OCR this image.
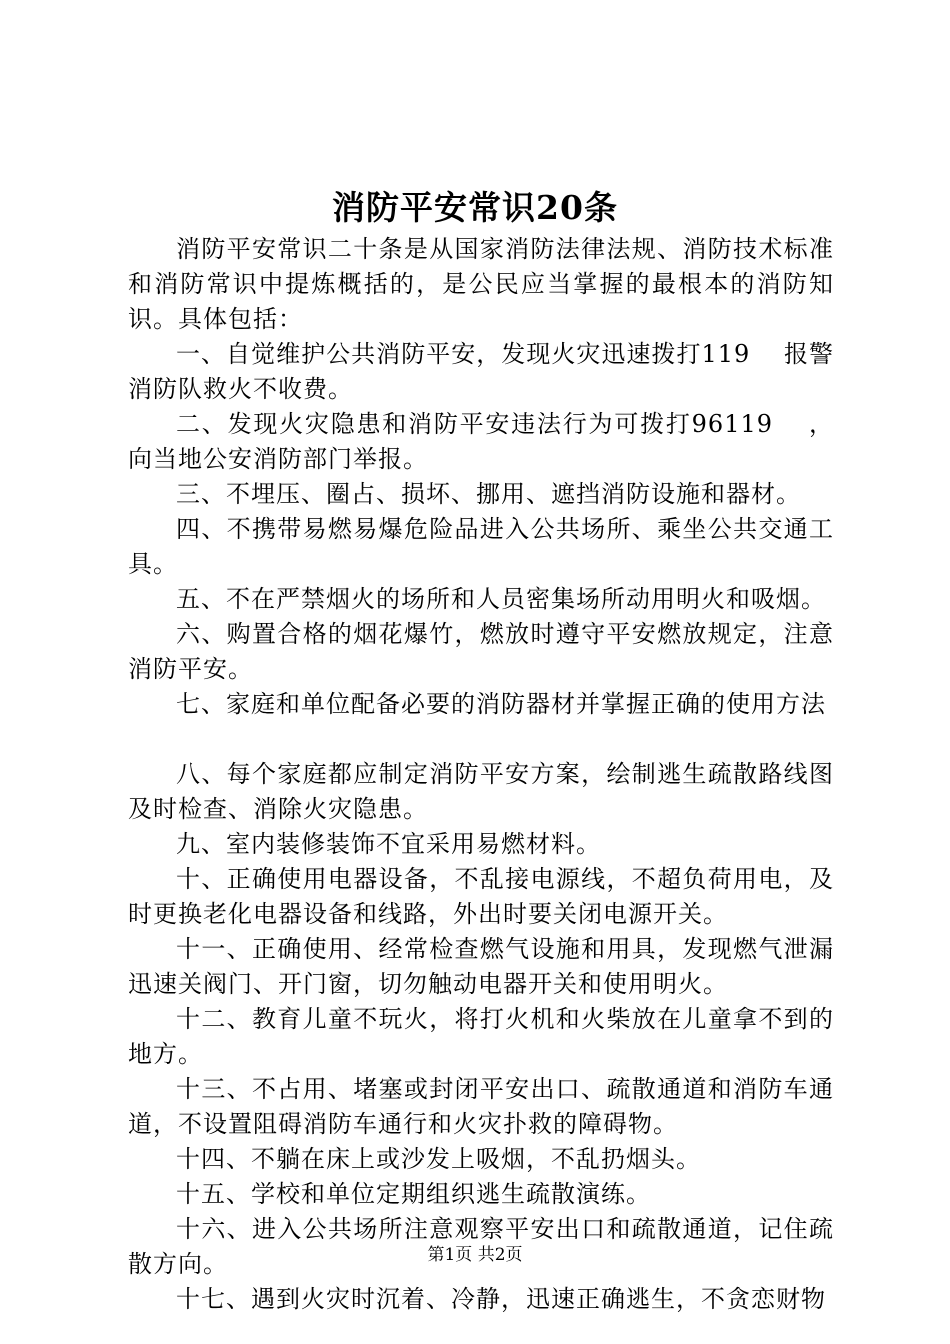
消防平安常识20条

消防平安常识二十条是从国家消防法律法规、消防技术标准和消防常识中提炼概括的，是公民应当掌握的最根本的消防知识。具体包括：

一、自觉维护公共消防平安，发现火灾迅速拨打119　 报警消防队救火不收费。

二、发现火灾隐患和消防平安违法行为可拨打96119　 ，向当地公安消防部门举报。

三、不埋压、圈占、损坏、挪用、遮挡消防设施和器材。

四、不携带易燃易爆危险品进入公共场所、乘坐公共交通工具。

五、不在严禁烟火的场所和人员密集场所动用明火和吸烟。

六、购置合格的烟花爆竹，燃放时遵守平安燃放规定，注意消防平安。

七、家庭和单位配备必要的消防器材并掌握正确的使用方法

八、每个家庭都应制定消防平安方案，绘制逃生疏散路线图及时检查、消除火灾隐患。

九、室内装修装饰不宜采用易燃材料。

十、正确使用电器设备，不乱接电源线，不超负荷用电，及时更换老化电器设备和线路，外出时要关闭电源开关。

十一、正确使用、经常检查燃气设施和用具，发现燃气泄漏迅速关阀门、开门窗，切勿触动电器开关和使用明火。

十二、教育儿童不玩火，将打火机和火柴放在儿童拿不到的地方。

十三、不占用、堵塞或封闭平安出口、疏散通道和消防车通道，不设置阻碍消防车通行和火灾扑救的障碍物。

十四、不躺在床上或沙发上吸烟，不乱扔烟头。

十五、学校和单位定期组织逃生疏散演练。

十六、进入公共场所注意观察平安出口和疏散通道，记住疏散方向。

十七、遇到火灾时沉着、冷静，迅速正确逃生，不贪恋财物

第1页 共2页
